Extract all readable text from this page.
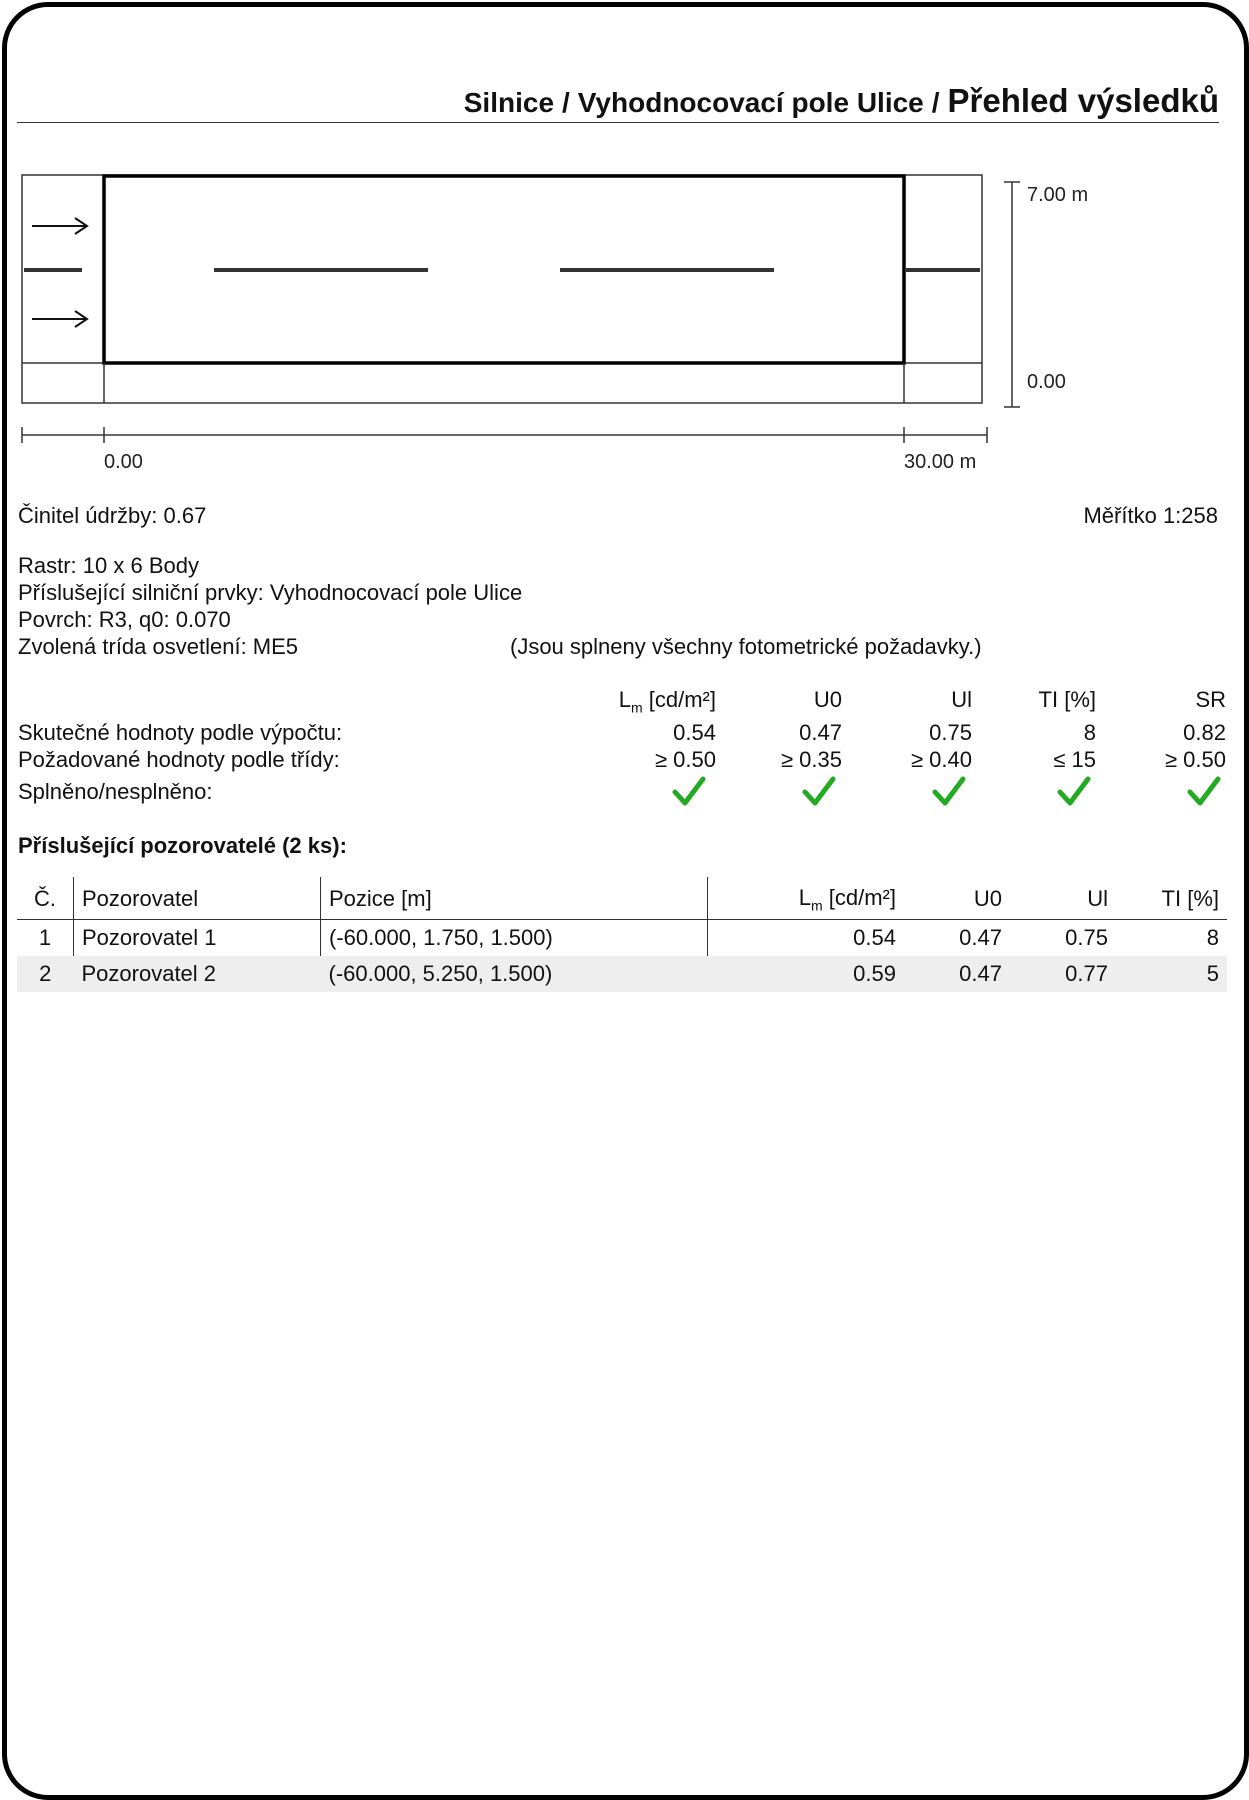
Silnice / Vyhodnocovací pole Ulice / Přehled výsledků
7.00 m
0.00
0.00	30.00 m
Činitel údržby: 0.67	Měřítko 1:258
Rastr: 10 x 6 Body
Příslušející silniční prvky: Vyhodnocovací pole Ulice
Povrch: R3, q0: 0.070
Zvolená trída osvetlení: ME5	(Jsou splneny všechny fotometrické požadavky.)
$L_m$ [cd/m²]	U0	Ul	TI [%]	SR
Skutečné hodnoty podle výpočtu:	0.54	0.47	0.75	8	0.82
Požadované hodnoty podle třídy:	≥ 0.50	≥ 0.35	≥ 0.40	≤ 15	≥ 0.50
Splněno/nesplněno:
Příslušející pozorovatelé (2 ks):
Č.	Pozorovatel	Pozice [m]	$L_m$ [cd/m²]	U0	Ul	TI [%]
1	Pozorovatel 1	(-60.000, 1.750, 1.500)	0.54	0.47	0.75	8
2	Pozorovatel 2	(-60.000, 5.250, 1.500)	0.59	0.47	0.77	5
